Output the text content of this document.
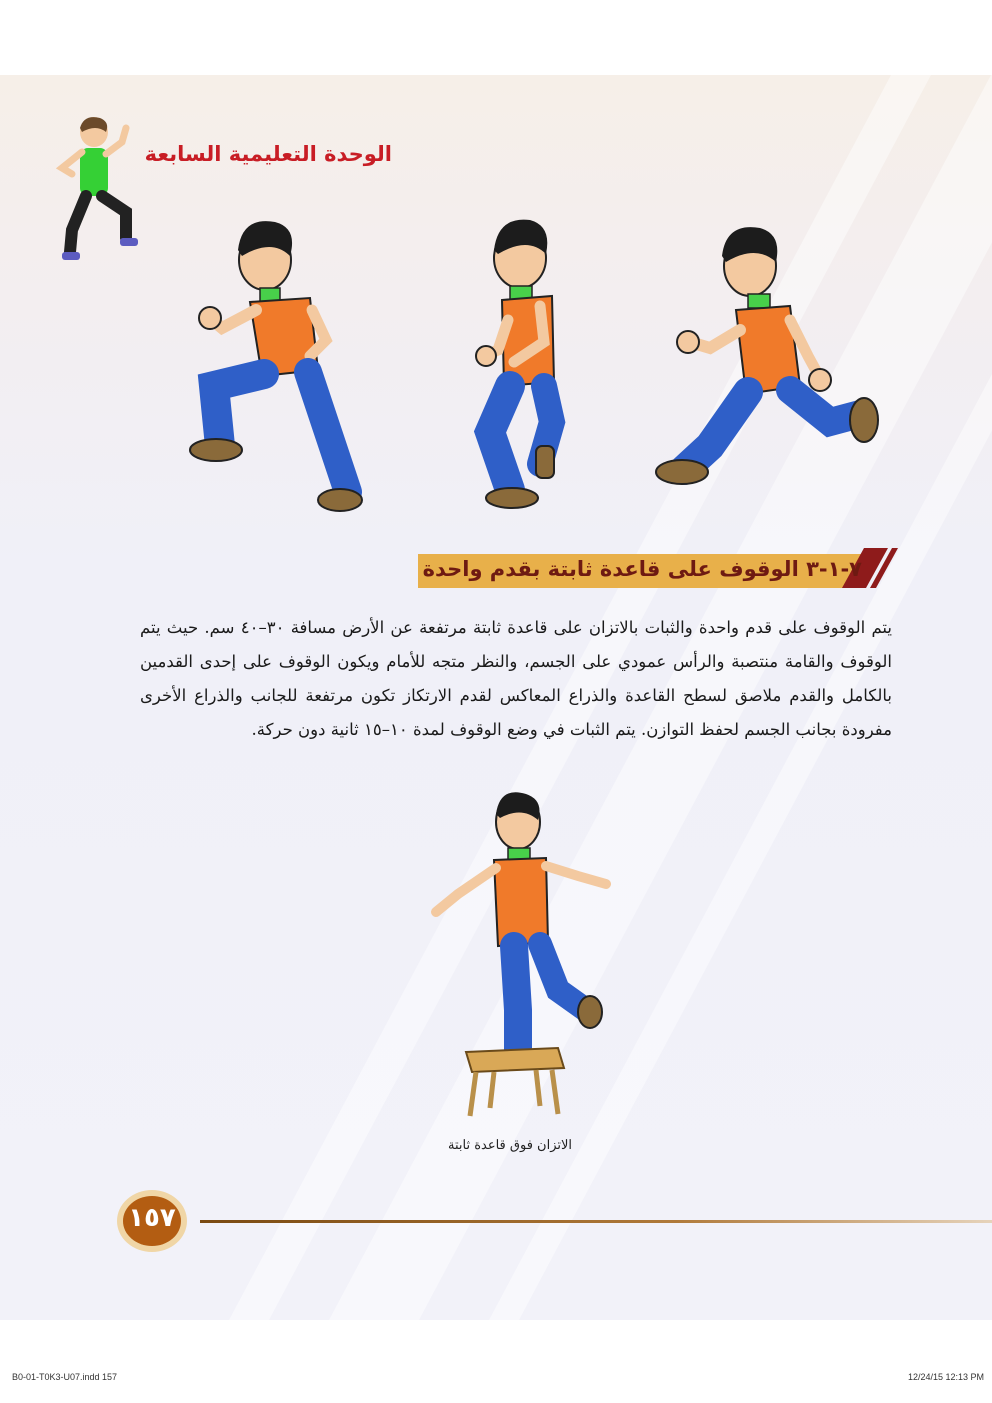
الوحدة التعليمية السابعة
٧-١-٣ الوقوف على قاعدة ثابتة بقدم واحدة
يتم الوقوف على قدم واحدة والثبات بالاتزان على قاعدة ثابتة مرتفعة عن الأرض مسافة ٣٠–٤٠ سم. حيث يتم الوقوف والقامة منتصبة والرأس عمودي على الجسم، والنظر متجه للأمام ويكون الوقوف على إحدى القدمين بالكامل والقدم ملاصق لسطح القاعدة والذراع المعاكس لقدم الارتكاز تكون مرتفعة للجانب والذراع الأخرى مفرودة بجانب الجسم لحفظ التوازن. يتم الثبات في وضع الوقوف لمدة ١٠–١٥ ثانية دون حركة.
الاتزان فوق قاعدة ثابتة
١٥٧
B0-01-T0K3-U07.indd 157	12/24/15 12:13 PM
